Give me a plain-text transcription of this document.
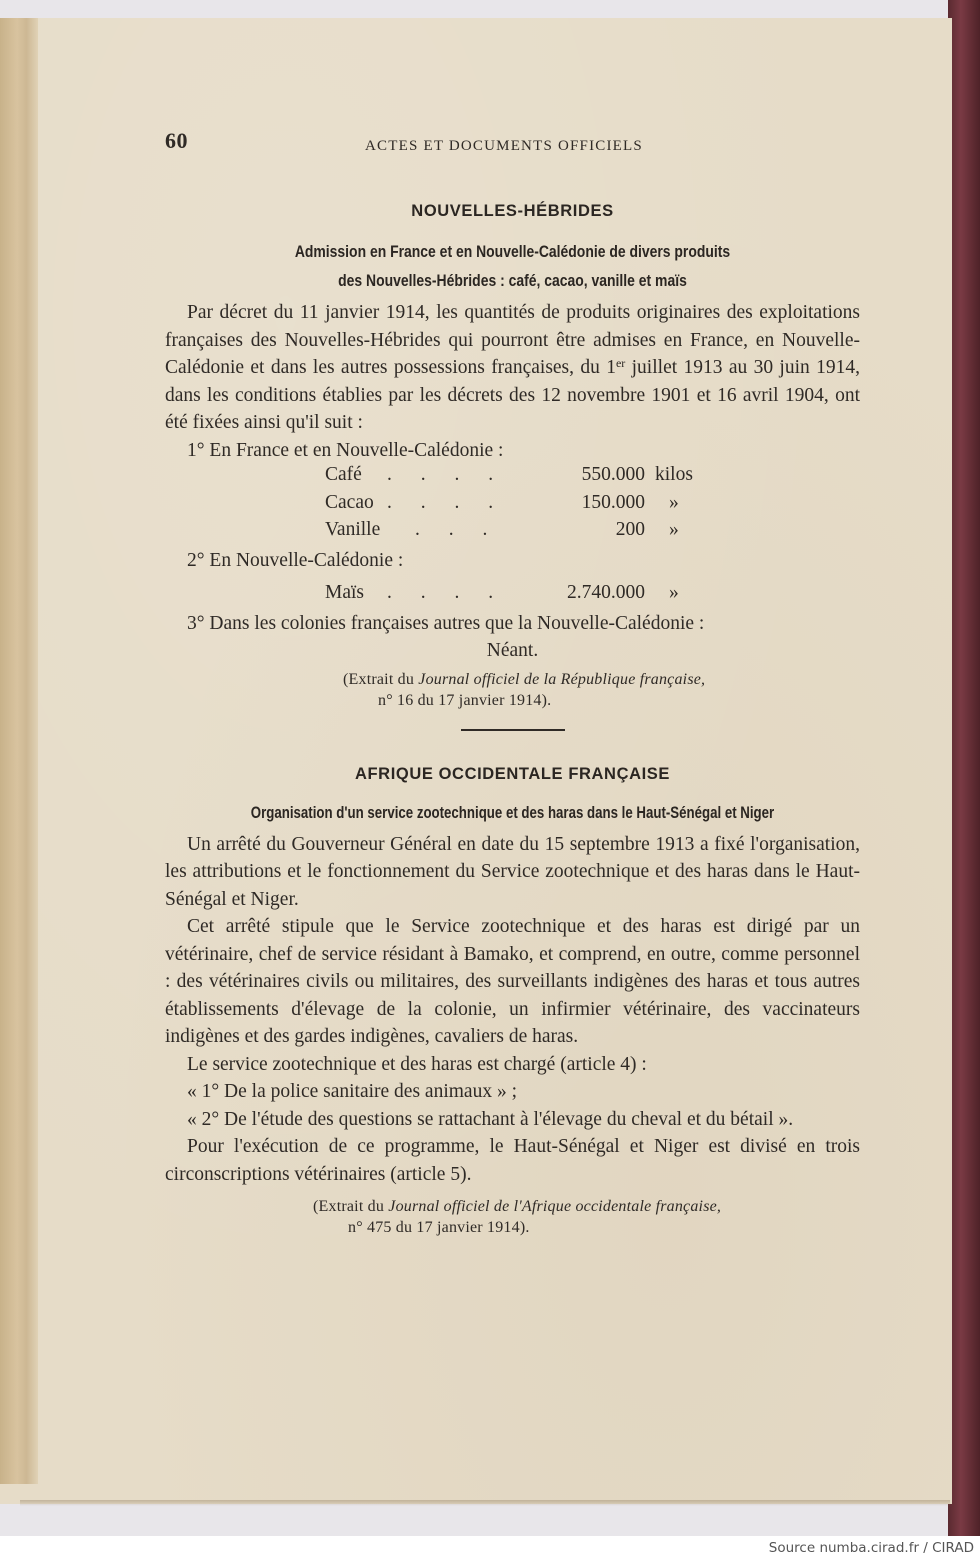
60	ACTES ET DOCUMENTS OFFICIELS
NOUVELLES-HÉBRIDES
Admission en France et en Nouvelle-Calédonie de divers produits
des Nouvelles-Hébrides : café, cacao, vanille et maïs

Par décret du 11 janvier 1914, les quantités de produits originaires des exploitations françaises des Nouvelles-Hébrides qui pourront être admises en France, en Nouvelle-Calédonie et dans les autres possessions françaises, du 1er juillet 1913 au 30 juin 1914, dans les conditions établies par les décrets des 12 novembre 1901 et 16 avril 1904, ont été fixées ainsi qu'il suit :

1° En France et en Nouvelle-Calédonie :
Café . . . .	550.000 kilos
Cacao . . . .	150.000 »
Vanille . . .	200 »
2° En Nouvelle-Calédonie :
Maïs . . . .	2.740.000 »
3° Dans les colonies françaises autres que la Nouvelle-Calédonie :
Néant.
(Extrait du Journal officiel de la République française,
n° 16 du 17 janvier 1914).
AFRIQUE OCCIDENTALE FRANÇAISE
Organisation d'un service zootechnique et des haras dans le Haut-Sénégal et Niger

Un arrêté du Gouverneur Général en date du 15 septembre 1913 a fixé l'organisation, les attributions et le fonctionnement du Service zootechnique et des haras dans le Haut-Sénégal et Niger.

Cet arrêté stipule que le Service zootechnique et des haras est dirigé par un vétérinaire, chef de service résidant à Bamako, et comprend, en outre, comme personnel : des vétérinaires civils ou militaires, des surveillants indigènes des haras et tous autres établissements d'élevage de la colonie, un infirmier vétérinaire, des vaccinateurs indigènes et des gardes indigènes, cavaliers de haras.

Le service zootechnique et des haras est chargé (article 4) :

« 1° De la police sanitaire des animaux » ;

« 2° De l'étude des questions se rattachant à l'élevage du cheval et du bétail ».

Pour l'exécution de ce programme, le Haut-Sénégal et Niger est divisé en trois circonscriptions vétérinaires (article 5).

(Extrait du Journal officiel de l'Afrique occidentale française,
n° 475 du 17 janvier 1914).
Source numba.cirad.fr / CIRAD
